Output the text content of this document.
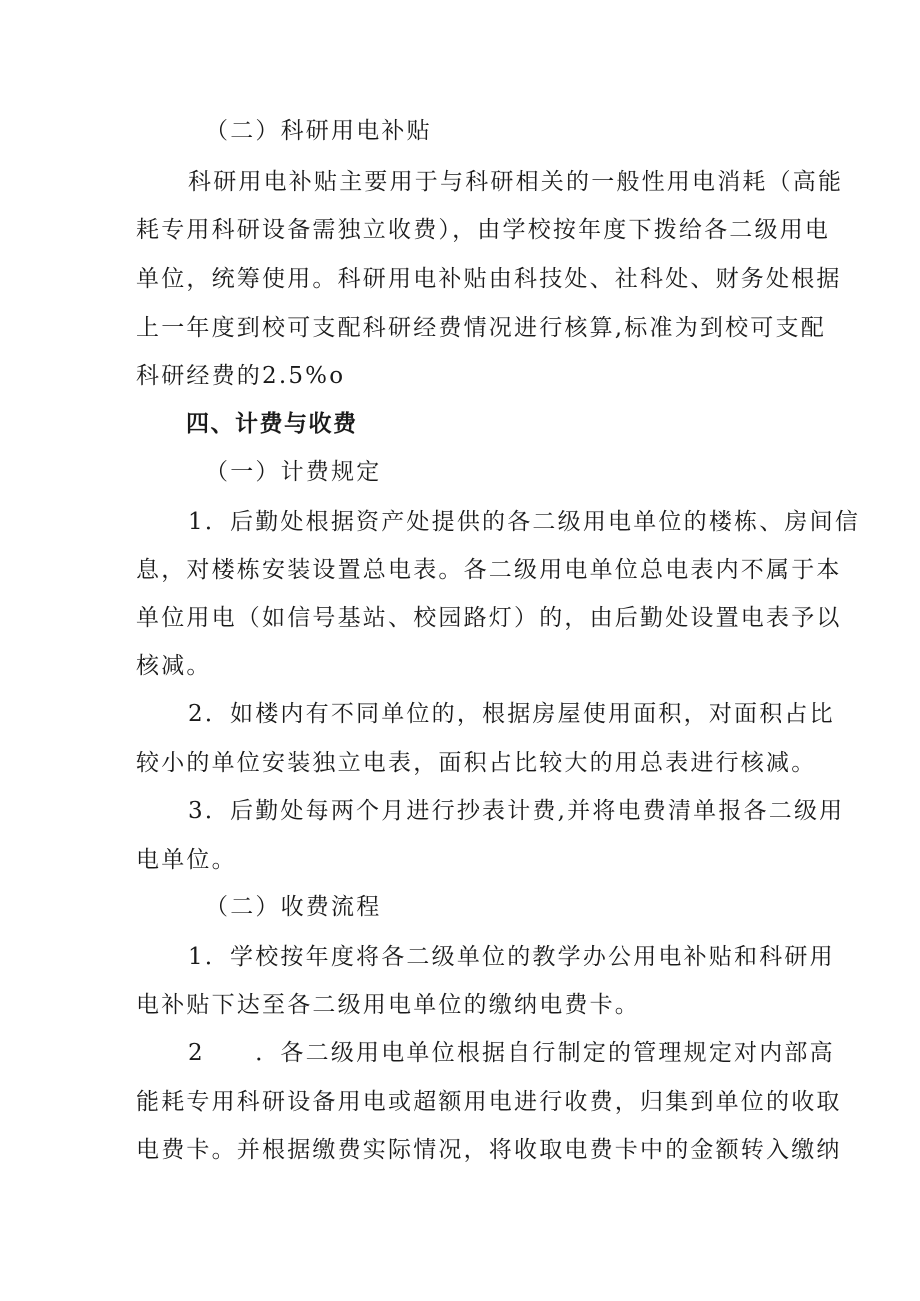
（二）科研用电补贴
科研用电补贴主要用于与科研相关的一般性用电消耗（高能
耗专用科研设备需独立收费），由学校按年度下拨给各二级用电
单位，统筹使用。科研用电补贴由科技处、社科处、财务处根据
上一年度到校可支配科研经费情况进行核算,标准为到校可支配
科研经费的2.5%o
四、计费与收费
（一）计费规定
1．后勤处根据资产处提供的各二级用电单位的楼栋、房间信
息，对楼栋安装设置总电表。各二级用电单位总电表内不属于本
单位用电（如信号基站、校园路灯）的，由后勤处设置电表予以
核减。
2．如楼内有不同单位的，根据房屋使用面积，对面积占比
较小的单位安装独立电表，面积占比较大的用总表进行核减。
3．后勤处每两个月进行抄表计费,并将电费清单报各二级用
电单位。
（二）收费流程
1．学校按年度将各二级单位的教学办公用电补贴和科研用
电补贴下达至各二级用电单位的缴纳电费卡。
2　　．各二级用电单位根据自行制定的管理规定对内部高
能耗专用科研设备用电或超额用电进行收费，归集到单位的收取
电费卡。并根据缴费实际情况，将收取电费卡中的金额转入缴纳
